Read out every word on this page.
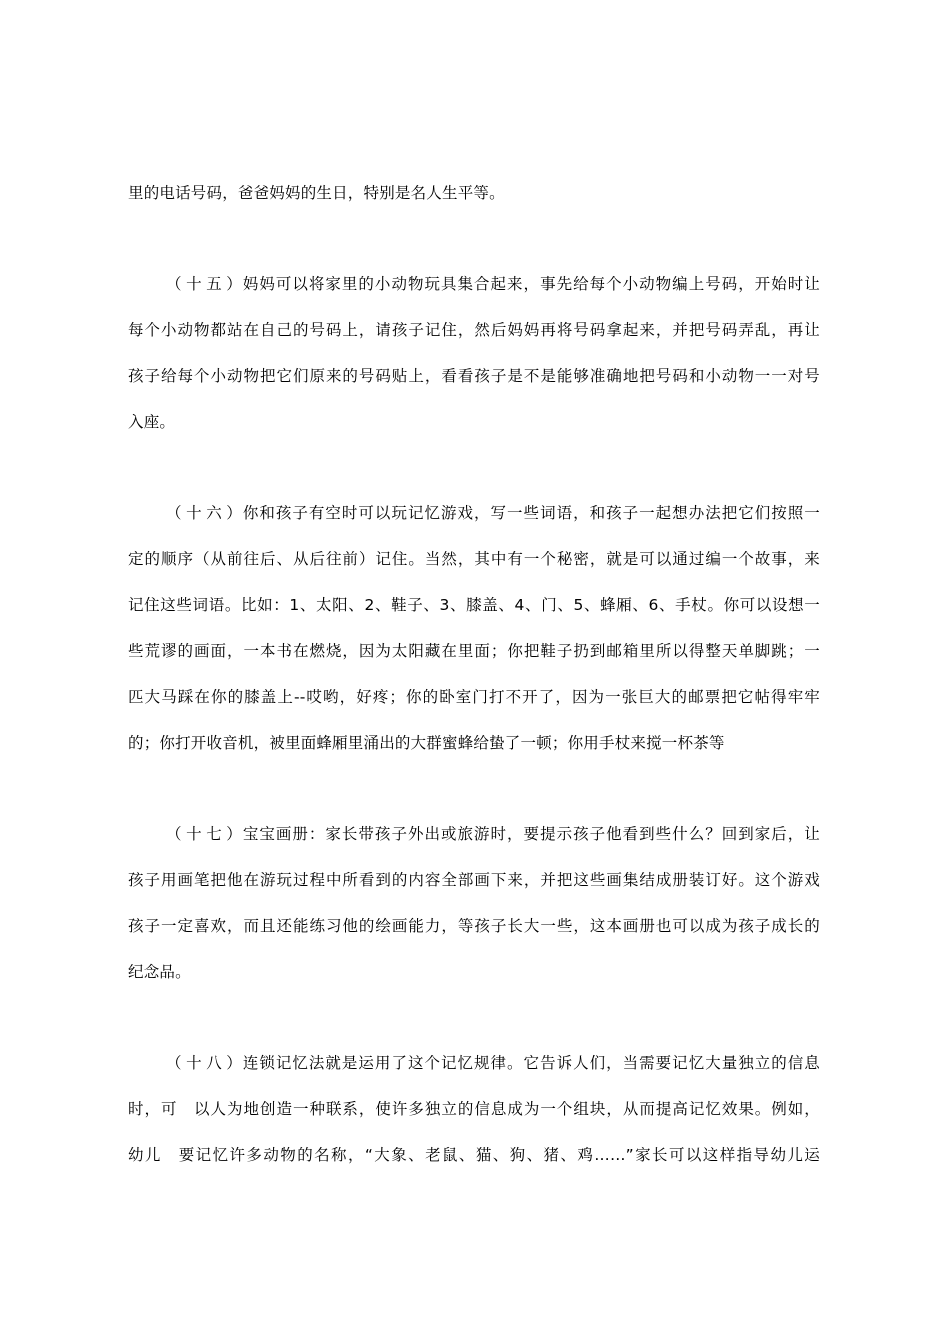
里的电话号码，爸爸妈妈的生日，特别是名人生平等。
（十五）妈妈可以将家里的小动物玩具集合起来，事先给每个小动物编上号码，开始时让
每个小动物都站在自己的号码上，请孩子记住，然后妈妈再将号码拿起来，并把号码弄乱，再让
孩子给每个小动物把它们原来的号码贴上，看看孩子是不是能够准确地把号码和小动物一一对号
入座。
（十六）你和孩子有空时可以玩记忆游戏，写一些词语，和孩子一起想办法把它们按照一
定的顺序（从前往后、从后往前）记住。当然，其中有一个秘密，就是可以通过编一个故事，来
记住这些词语。比如：1、太阳、2、鞋子、3、膝盖、4、门、5、蜂厢、6、手杖。你可以设想一
些荒谬的画面，一本书在燃烧，因为太阳藏在里面；你把鞋子扔到邮箱里所以得整天单脚跳；一
匹大马踩在你的膝盖上--哎哟，好疼；你的卧室门打不开了，因为一张巨大的邮票把它帖得牢牢
的；你打开收音机，被里面蜂厢里涌出的大群蜜蜂给蛰了一顿；你用手杖来搅一杯茶等
（十七）宝宝画册：家长带孩子外出或旅游时，要提示孩子他看到些什么？回到家后，让
孩子用画笔把他在游玩过程中所看到的内容全部画下来，并把这些画集结成册装订好。这个游戏
孩子一定喜欢，而且还能练习他的绘画能力，等孩子长大一些，这本画册也可以成为孩子成长的
纪念品。
（十八）连锁记忆法就是运用了这个记忆规律。它告诉人们，当需要记忆大量独立的信息
时，可　以人为地创造一种联系，使许多独立的信息成为一个组块，从而提高记忆效果。例如，
幼儿　要记忆许多动物的名称，“大象、老鼠、猫、狗、猪、鸡……”家长可以这样指导幼儿运
